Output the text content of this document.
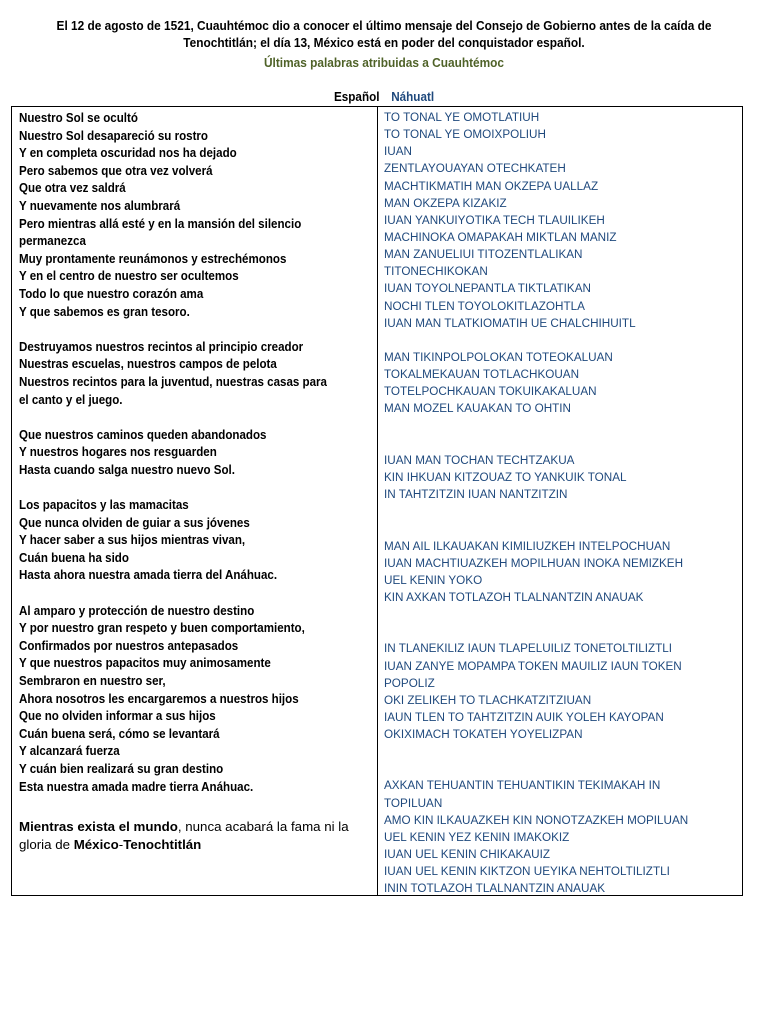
El 12 de agosto de 1521, Cuauhtémoc dio a conocer el último mensaje del Consejo de Gobierno antes de la caída de Tenochtitlán; el día 13, México está en poder del conquistador español.
Últimas palabras atribuidas a Cuauhtémoc
Español Náhuatl
Nuestro Sol se ocultó
Nuestro Sol desapareció su rostro
Y en completa oscuridad nos ha dejado
Pero sabemos que otra vez volverá
Que otra vez saldrá
Y nuevamente nos alumbrará
Pero mientras allá esté y en la mansión del silencio
permanezca
Muy prontamente reunámonos y estrechémonos
Y en el centro de nuestro ser ocultemos
Todo lo que nuestro corazón ama
Y que sabemos es gran tesoro.
Destruyamos nuestros recintos al principio creador
Nuestras escuelas, nuestros campos de pelota
Nuestros recintos para la juventud, nuestras casas para
el canto y el juego.
Que nuestros caminos queden abandonados
Y nuestros hogares nos resguarden
Hasta cuando salga nuestro nuevo Sol.
Los papacitos y las mamacitas
Que nunca olviden de guiar a sus jóvenes
Y hacer saber a sus hijos mientras vivan,
Cuán buena ha sido
Hasta ahora nuestra amada tierra del Anáhuac.
Al amparo y protección de nuestro destino
Y por nuestro gran respeto y buen comportamiento,
Confirmados por nuestros antepasados
Y que nuestros papacitos muy animosamente
Sembraron en nuestro ser,
Ahora nosotros les encargaremos a nuestros hijos
Que no olviden informar a sus hijos
Cuán buena será, cómo se levantará
Y alcanzará fuerza
Y cuán bien realizará su gran destino
Esta nuestra amada madre tierra Anáhuac.
Mientras exista el mundo, nunca acabará la fama ni la gloria de México-Tenochtitlán
TO TONAL YE OMOTLATIUH
TO TONAL YE OMOIXPOLIUH
IUAN
ZENTLAYOUAYAN OTECHKATEH
MACHTIKMATIH MAN OKZEPA UALLAZ
MAN OKZEPA KIZAKIZ
IUAN YANKUIYOTIKA TECH TLAUILIKEH
MACHINOKA OMAPAKAH MIKTLAN MANIZ
MAN ZANUELIUI TITOZENTLALIKAN
TITONECHIKOKAN
IUAN TOYOLNEPANTLA TIKTLATIKAN
NOCHI TLEN TOYOLOKITLAZOHTLA
IUAN MAN TLATKIOMATIH UE CHALCHIHUITL
MAN TIKINPOLPOLOKAN TOTEOKALUAN
TOKALMEKAUAN TOTLACHKOUAN
TOTELPOCHKAUAN TOKUIKAKALUAN
MAN MOZEL KAUAKAN TO OHTIN
IUAN MAN TOCHAN TECHTZAKUA
KIN IHKUAN KITZOUAZ TO YANKUIK TONAL
IN TAHTZITZIN IUAN NANTZITZIN
MAN AIL ILKAUAKAN KIMILIUZKEH INTELPOCHUAN
IUAN MACHTIUAZKEH MOPILHUAN INOKA NEMIZKEH
UEL KENIN YOKO
KIN AXKAN TOTLAZOH TLALNANTZIN ANAUAK
IN TLANEKILIZ IAUN TLAPELUILIZ TONETOLTILIZTLI
IUAN ZANYE MOPAMPA TOKEN MAUILIZ IAUN TOKEN
POPOLIZ
OKI ZELIKEH TO TLACHKATZITZIUAN
IAUN TLEN TO TAHTZITZIN AUIK YOLEH KAYOPAN
OKIXIMACH TOKATEH YOYELIZPAN
AXKAN TEHUANTIN TEHUANTIKIN TEKIMAKAH IN
TOPILUAN
AMO KIN ILKAUAZKEH KIN NONOTZAZKEH MOPILUAN
UEL KENIN YEZ KENIN IMAKOKIZ
IUAN UEL KENIN CHIKAKAUIZ
IUAN UEL KENIN KIKTZON UEYIKA NEHTOLTILIZTLI
ININ TOTLAZOH TLALNANTZIN ANAUAK
